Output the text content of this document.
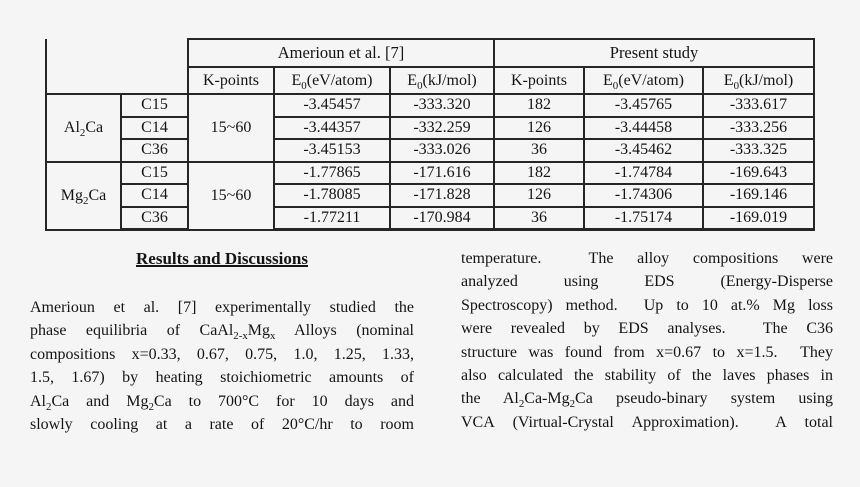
		Amerioun et al. [7]			Present study		
		K-points	$E_0(eV/atom)$	$E_0(kJ/mol)$	K-points	$E_0(eV/atom)$	$E_0(kJ/mol)$
$Al_2Ca$	C15	15~60	-3.45457	-333.320	182	-3.45765	-333.617
	C14		-3.44357	-332.259	126	-3.44458	-333.256
	C36		-3.45153	-333.026	36	-3.45462	-333.325
$Mg_2Ca$	C15	15~60	-1.77865	-171.616	182	-1.74784	-169.643
	C14		-1.78085	-171.828	126	-1.74306	-169.146
	C36		-1.77211	-170.984	36	-1.75174	-169.019
Results and Discussions
Amerioun et al. [7] experimentally studied the
phase equilibria of $CaAl_{2-x}Mg_x$ Alloys (nominal
compositions x=0.33, 0.67, 0.75, 1.0, 1.25, 1.33,
1.5, 1.67) by heating stoichiometric amounts of
$Al_2Ca$ and $Mg_2Ca$ to 700°C for 10 days and
slowly cooling at a rate of 20°C/hr to room
temperature.  The alloy compositions were
analyzed using EDS (Energy-Disperse
Spectroscopy) method.  Up to 10 at.% Mg loss
were revealed by EDS analyses.  The C36
structure was found from x=0.67 to x=1.5.  They
also calculated the stability of the laves phases in
the $Al_2Ca-Mg_2Ca$ pseudo-binary system using
VCA (Virtual-Crystal Approximation).  A total
